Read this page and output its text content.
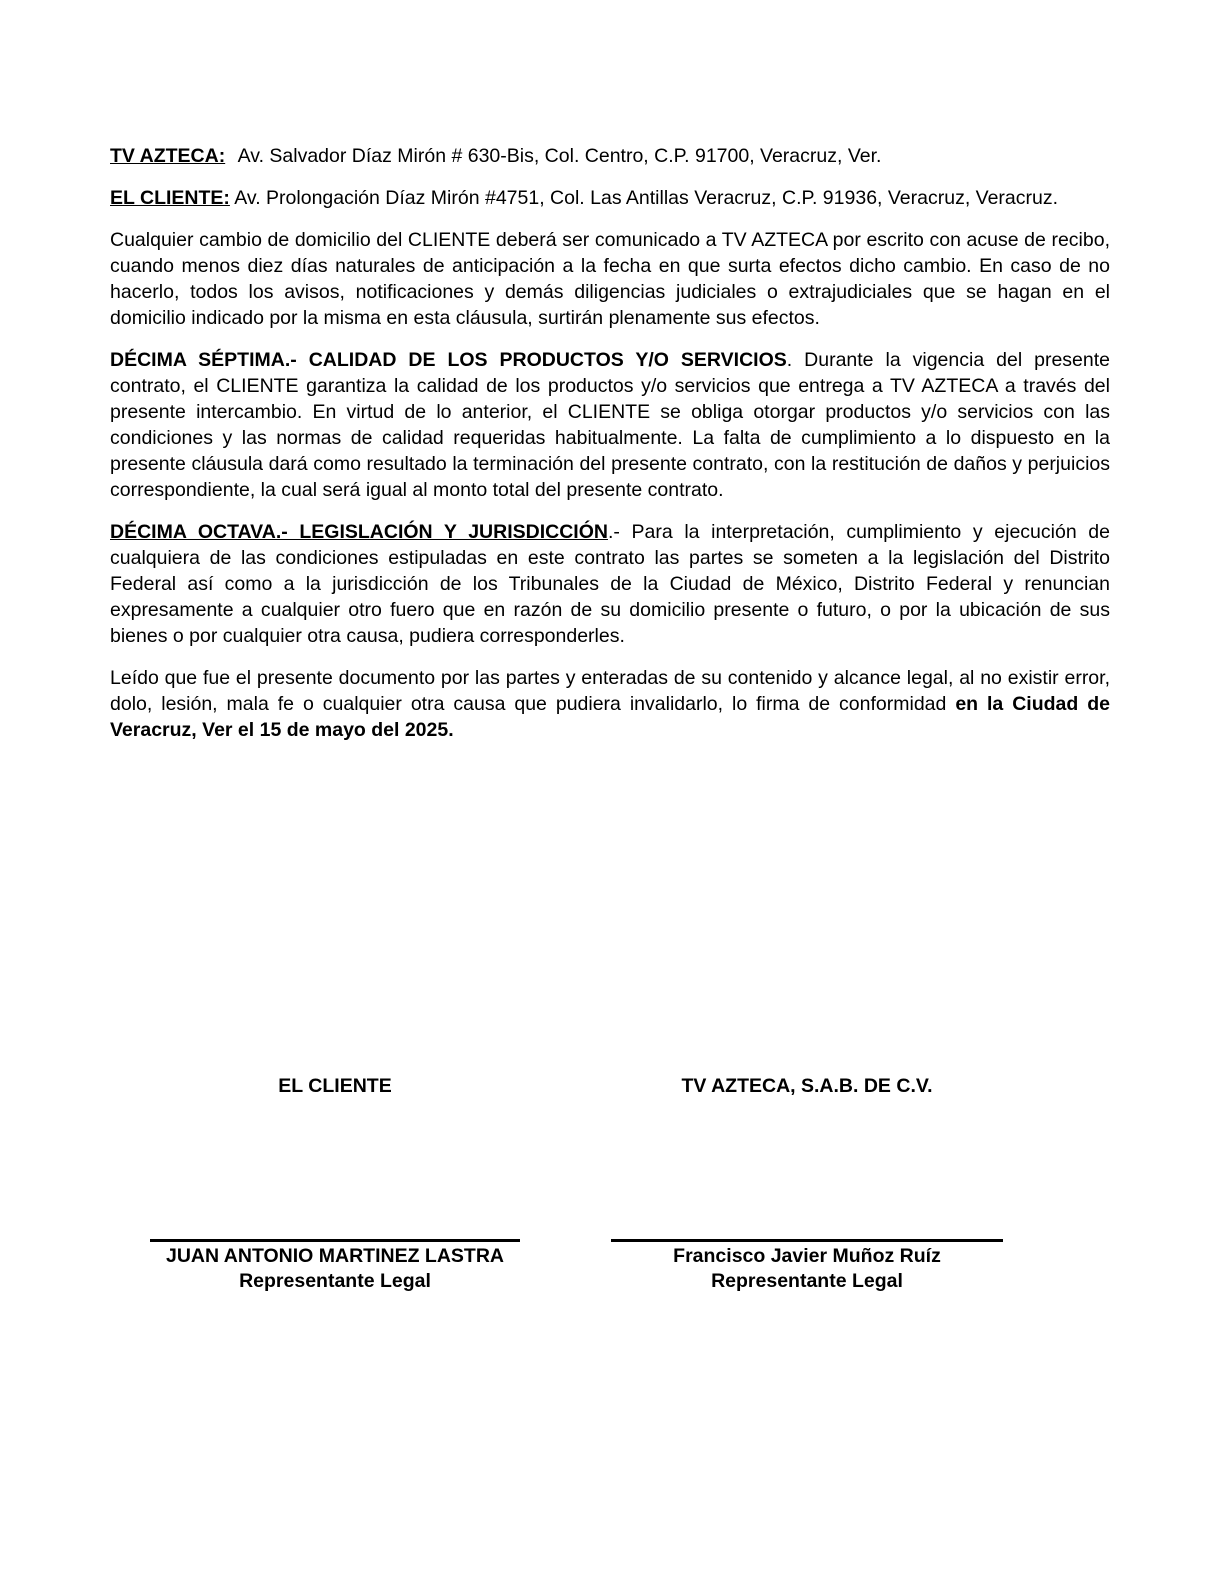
TV AZTECA: Av. Salvador Díaz Mirón # 630-Bis, Col. Centro, C.P. 91700, Veracruz, Ver.

EL CLIENTE: Av. Prolongación Díaz Mirón #4751, Col. Las Antillas Veracruz, C.P. 91936, Veracruz, Veracruz.

Cualquier cambio de domicilio del CLIENTE deberá ser comunicado a TV AZTECA por escrito con acuse de recibo, cuando menos diez días naturales de anticipación a la fecha en que surta efectos dicho cambio. En caso de no hacerlo, todos los avisos, notificaciones y demás diligencias judiciales o extrajudiciales que se hagan en el domicilio indicado por la misma en esta cláusula, surtirán plenamente sus efectos.

DÉCIMA SÉPTIMA.- CALIDAD DE LOS PRODUCTOS Y/O SERVICIOS. Durante la vigencia del presente contrato, el CLIENTE garantiza la calidad de los productos y/o servicios que entrega a TV AZTECA a través del presente intercambio. En virtud de lo anterior, el CLIENTE se obliga otorgar productos y/o servicios con las condiciones y las normas de calidad requeridas habitualmente. La falta de cumplimiento a lo dispuesto en la presente cláusula dará como resultado la terminación del presente contrato, con la restitución de daños y perjuicios correspondiente, la cual será igual al monto total del presente contrato.

DÉCIMA OCTAVA.- LEGISLACIÓN Y JURISDICCIÓN.- Para la interpretación, cumplimiento y ejecución de cualquiera de las condiciones estipuladas en este contrato las partes se someten a la legislación del Distrito Federal así como a la jurisdicción de los Tribunales de la Ciudad de México, Distrito Federal y renuncian expresamente a cualquier otro fuero que en razón de su domicilio presente o futuro, o por la ubicación de sus bienes o por cualquier otra causa, pudiera corresponderles.

Leído que fue el presente documento por las partes y enteradas de su contenido y alcance legal, al no existir error, dolo, lesión, mala fe o cualquier otra causa que pudiera invalidarlo, lo firma de conformidad en la Ciudad de Veracruz, Ver el 15 de mayo del 2025.

EL CLIENTE
JUAN ANTONIO MARTINEZ LASTRA
Representante Legal
TV AZTECA, S.A.B. DE C.V.
Francisco Javier Muñoz Ruíz
Representante Legal
